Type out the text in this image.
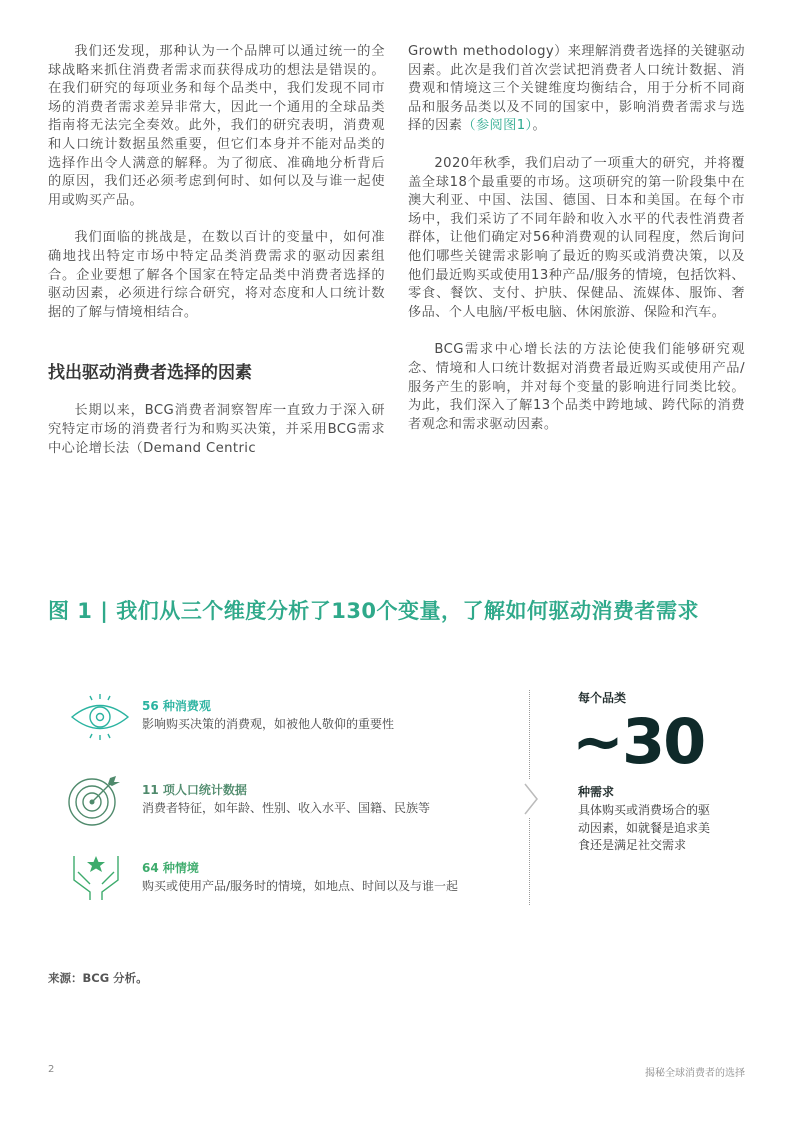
我们还发现，那种认为一个品牌可以通过统一的全球战略来抓住消费者需求而获得成功的想法是错误的。在我们研究的每项业务和每个品类中，我们发现不同市场的消费者需求差异非常大，因此一个通用的全球品类指南将无法完全奏效。此外，我们的研究表明，消费观和人口统计数据虽然重要，但它们本身并不能对品类的选择作出令人满意的解释。为了彻底、准确地分析背后的原因，我们还必须考虑到何时、如何以及与谁一起使用或购买产品。

我们面临的挑战是，在数以百计的变量中，如何准确地找出特定市场中特定品类消费需求的驱动因素组合。企业要想了解各个国家在特定品类中消费者选择的驱动因素，必须进行综合研究，将对态度和人口统计数据的了解与情境相结合。

找出驱动消费者选择的因素

长期以来，BCG消费者洞察智库一直致力于深入研究特定市场的消费者行为和购买决策，并采用BCG需求中心论增长法（Demand Centric

Growth methodology）来理解消费者选择的关键驱动因素。此次是我们首次尝试把消费者人口统计数据、消费观和情境这三个关键维度均衡结合，用于分析不同商品和服务品类以及不同的国家中，影响消费者需求与选择的因素（参阅图1）。

2020年秋季，我们启动了一项重大的研究，并将覆盖全球18个最重要的市场。这项研究的第一阶段集中在澳大利亚、中国、法国、德国、日本和美国。在每个市场中，我们采访了不同年龄和收入水平的代表性消费者群体，让他们确定对56种消费观的认同程度，然后询问他们哪些关键需求影响了最近的购买或消费决策，以及他们最近购买或使用13种产品/服务的情境，包括饮料、零食、餐饮、支付、护肤、保健品、流媒体、服饰、奢侈品、个人电脑/平板电脑、休闲旅游、保险和汽车。

BCG需求中心增长法的方法论使我们能够研究观念、情境和人口统计数据对消费者最近购买或使用产品/服务产生的影响，并对每个变量的影响进行同类比较。为此，我们深入了解13个品类中跨地域、跨代际的消费者观念和需求驱动因素。

图 1 | 我们从三个维度分析了130个变量，了解如何驱动消费者需求
56 种消费观
影响购买决策的消费观，如被他人敬仰的重要性
11 项人口统计数据
消费者特征，如年龄、性别、收入水平、国籍、民族等
64 种情境
购买或使用产品/服务时的情境，如地点、时间以及与谁一起
每个品类
~30
种需求
具体购买或消费场合的驱动因素，如就餐是追求美食还是满足社交需求
来源：BCG 分析。
2	揭秘全球消费者的选择
